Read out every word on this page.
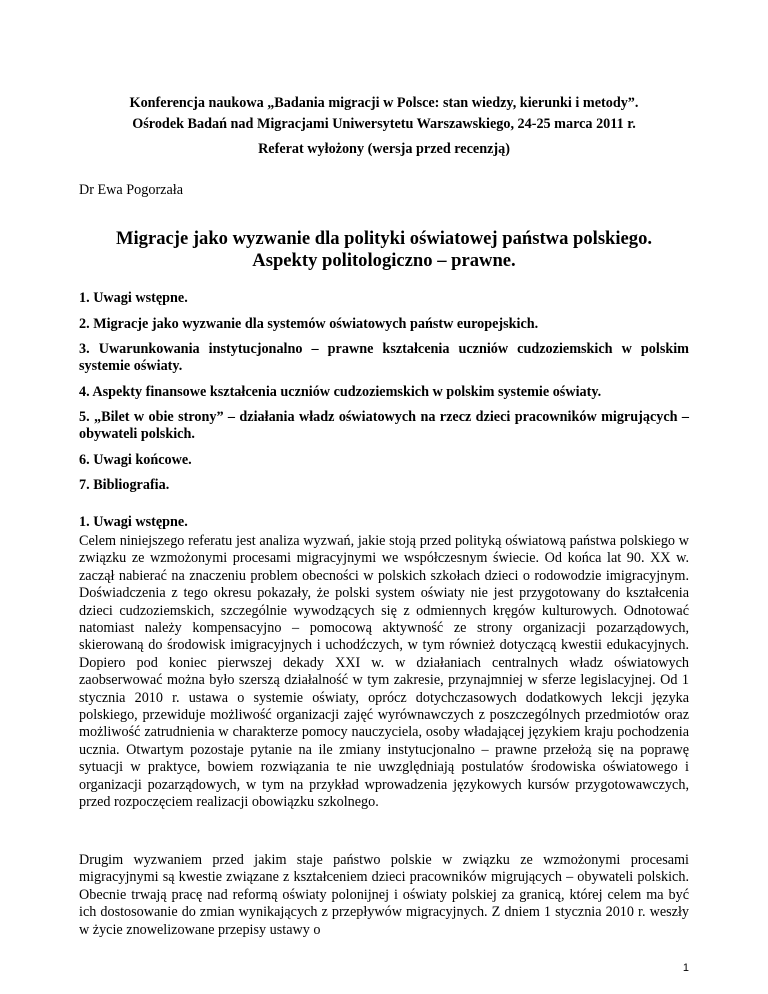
Konferencja naukowa „Badania migracji w Polsce: stan wiedzy, kierunki i metody”.
Ośrodek Badań nad Migracjami Uniwersytetu Warszawskiego, 24-25 marca 2011 r.
Referat wyłożony (wersja przed recenzją)
Dr Ewa Pogorzała
Migracje jako wyzwanie dla polityki oświatowej państwa polskiego.
Aspekty politologiczno – prawne.
1. Uwagi wstępne.
2. Migracje jako wyzwanie dla systemów oświatowych państw europejskich.
3. Uwarunkowania instytucjonalno – prawne kształcenia uczniów cudzoziemskich w polskim systemie oświaty.
4. Aspekty finansowe kształcenia uczniów cudzoziemskich w polskim systemie oświaty.
5. „Bilet w obie strony” – działania władz oświatowych na rzecz dzieci pracowników migrujących – obywateli polskich.
6. Uwagi końcowe.
7. Bibliografia.
1. Uwagi wstępne.

Celem niniejszego referatu jest analiza wyzwań, jakie stoją przed polityką oświatową państwa polskiego w związku ze wzmożonymi procesami migracyjnymi we współczesnym świecie. Od końca lat 90. XX w. zaczął nabierać na znaczeniu problem obecności w polskich szkołach dzieci o rodowodzie imigracyjnym. Doświadczenia z tego okresu pokazały, że polski system oświaty nie jest przygotowany do kształcenia dzieci cudzoziemskich, szczególnie wywodzących się z odmiennych kręgów kulturowych. Odnotować natomiast należy kompensacyjno – pomocową aktywność ze strony organizacji pozarządowych, skierowaną do środowisk imigracyjnych i uchodźczych, w tym również dotyczącą kwestii edukacyjnych. Dopiero pod koniec pierwszej dekady XXI w. w działaniach centralnych władz oświatowych zaobserwować można było szerszą działalność w tym zakresie, przynajmniej w sferze legislacyjnej. Od 1 stycznia 2010 r. ustawa o systemie oświaty, oprócz dotychczasowych dodatkowych lekcji języka polskiego, przewiduje możliwość organizacji zajęć wyrównawczych z poszczególnych przedmiotów oraz możliwość zatrudnienia w charakterze pomocy nauczyciela, osoby władającej językiem kraju pochodzenia ucznia. Otwartym pozostaje pytanie na ile zmiany instytucjonalno – prawne przełożą się na poprawę sytuacji w praktyce, bowiem rozwiązania te nie uwzględniają postulatów środowiska oświatowego i organizacji pozarządowych, w tym na przykład wprowadzenia językowych kursów przygotowawczych, przed rozpoczęciem realizacji obowiązku szkolnego.

Drugim wyzwaniem przed jakim staje państwo polskie w związku ze wzmożonymi procesami migracyjnymi są kwestie związane z kształceniem dzieci pracowników migrujących – obywateli polskich. Obecnie trwają pracę nad reformą oświaty polonijnej i oświaty polskiej za granicą, której celem ma być ich dostosowanie do zmian wynikających z przepływów migracyjnych. Z dniem 1 stycznia 2010 r. weszły w życie znowelizowane przepisy ustawy o

1
